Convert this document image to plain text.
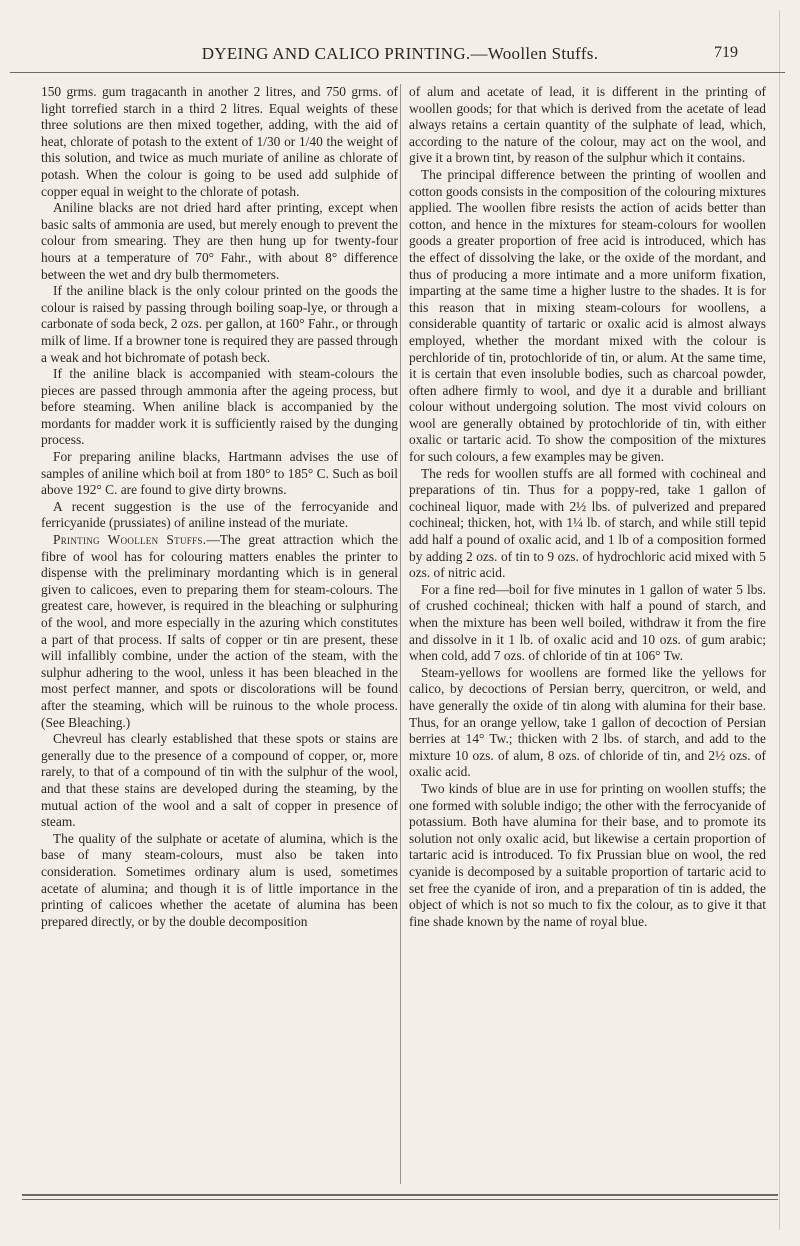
DYEING AND CALICO PRINTING.—Woollen Stuffs.	719

150 grms. gum tragacanth in another 2 litres, and 750 grms. of light torrefied starch in a third 2 litres. Equal weights of these three solutions are then mixed together, adding, with the aid of heat, chlorate of potash to the extent of 1/30 or 1/40 the weight of this solution, and twice as much muriate of aniline as chlorate of potash. When the colour is going to be used add sulphide of copper equal in weight to the chlorate of potash.

Aniline blacks are not dried hard after printing, except when basic salts of ammonia are used, but merely enough to prevent the colour from smearing. They are then hung up for twenty-four hours at a temperature of 70° Fahr., with about 8° difference between the wet and dry bulb thermometers.

If the aniline black is the only colour printed on the goods the colour is raised by passing through boiling soap-lye, or through a carbonate of soda beck, 2 ozs. per gallon, at 160° Fahr., or through milk of lime. If a browner tone is required they are passed through a weak and hot bichromate of potash beck.

If the aniline black is accompanied with steam-colours the pieces are passed through ammonia after the ageing process, but before steaming. When aniline black is accompanied by the mordants for madder work it is sufficiently raised by the dunging process.

For preparing aniline blacks, Hartmann advises the use of samples of aniline which boil at from 180° to 185° C. Such as boil above 192° C. are found to give dirty browns.

A recent suggestion is the use of the ferrocyanide and ferricyanide (prussiates) of aniline instead of the muriate.

Printing Woollen Stuffs.—The great attraction which the fibre of wool has for colouring matters enables the printer to dispense with the preliminary mordanting which is in general given to calicoes, even to preparing them for steam-colours. The greatest care, however, is required in the bleaching or sulphuring of the wool, and more especially in the azuring which constitutes a part of that process. If salts of copper or tin are present, these will infallibly combine, under the action of the steam, with the sulphur adhering to the wool, unless it has been bleached in the most perfect manner, and spots or discolorations will be found after the steaming, which will be ruinous to the whole process. (See Bleaching.)

Chevreul has clearly established that these spots or stains are generally due to the presence of a compound of copper, or, more rarely, to that of a compound of tin with the sulphur of the wool, and that these stains are developed during the steaming, by the mutual action of the wool and a salt of copper in presence of steam.

The quality of the sulphate or acetate of alumina, which is the base of many steam-colours, must also be taken into consideration. Sometimes ordinary alum is used, sometimes acetate of alumina; and though it is of little importance in the printing of calicoes whether the acetate of alumina has been prepared directly, or by the double decomposition

of alum and acetate of lead, it is different in the printing of woollen goods; for that which is derived from the acetate of lead always retains a certain quantity of the sulphate of lead, which, according to the nature of the colour, may act on the wool, and give it a brown tint, by reason of the sulphur which it contains.

The principal difference between the printing of woollen and cotton goods consists in the composition of the colouring mixtures applied. The woollen fibre resists the action of acids better than cotton, and hence in the mixtures for steam-colours for woollen goods a greater proportion of free acid is introduced, which has the effect of dissolving the lake, or the oxide of the mordant, and thus of producing a more intimate and a more uniform fixation, imparting at the same time a higher lustre to the shades. It is for this reason that in mixing steam-colours for woollens, a considerable quantity of tartaric or oxalic acid is almost always employed, whether the mordant mixed with the colour is perchloride of tin, protochloride of tin, or alum. At the same time, it is certain that even insoluble bodies, such as charcoal powder, often adhere firmly to wool, and dye it a durable and brilliant colour without undergoing solution. The most vivid colours on wool are generally obtained by protochloride of tin, with either oxalic or tartaric acid. To show the composition of the mixtures for such colours, a few examples may be given.

The reds for woollen stuffs are all formed with cochineal and preparations of tin. Thus for a poppy-red, take 1 gallon of cochineal liquor, made with 2½ lbs. of pulverized and prepared cochineal; thicken, hot, with 1¼ lb. of starch, and while still tepid add half a pound of oxalic acid, and 1 lb of a composition formed by adding 2 ozs. of tin to 9 ozs. of hydrochloric acid mixed with 5 ozs. of nitric acid.

For a fine red—boil for five minutes in 1 gallon of water 5 lbs. of crushed cochineal; thicken with half a pound of starch, and when the mixture has been well boiled, withdraw it from the fire and dissolve in it 1 lb. of oxalic acid and 10 ozs. of gum arabic; when cold, add 7 ozs. of chloride of tin at 106° Tw.

Steam-yellows for woollens are formed like the yellows for calico, by decoctions of Persian berry, quercitron, or weld, and have generally the oxide of tin along with alumina for their base. Thus, for an orange yellow, take 1 gallon of decoction of Persian berries at 14° Tw.; thicken with 2 lbs. of starch, and add to the mixture 10 ozs. of alum, 8 ozs. of chloride of tin, and 2½ ozs. of oxalic acid.

Two kinds of blue are in use for printing on woollen stuffs; the one formed with soluble indigo; the other with the ferrocyanide of potassium. Both have alumina for their base, and to promote its solution not only oxalic acid, but likewise a certain proportion of tartaric acid is introduced. To fix Prussian blue on wool, the red cyanide is decomposed by a suitable proportion of tartaric acid to set free the cyanide of iron, and a preparation of tin is added, the object of which is not so much to fix the colour, as to give it that fine shade known by the name of royal blue.
